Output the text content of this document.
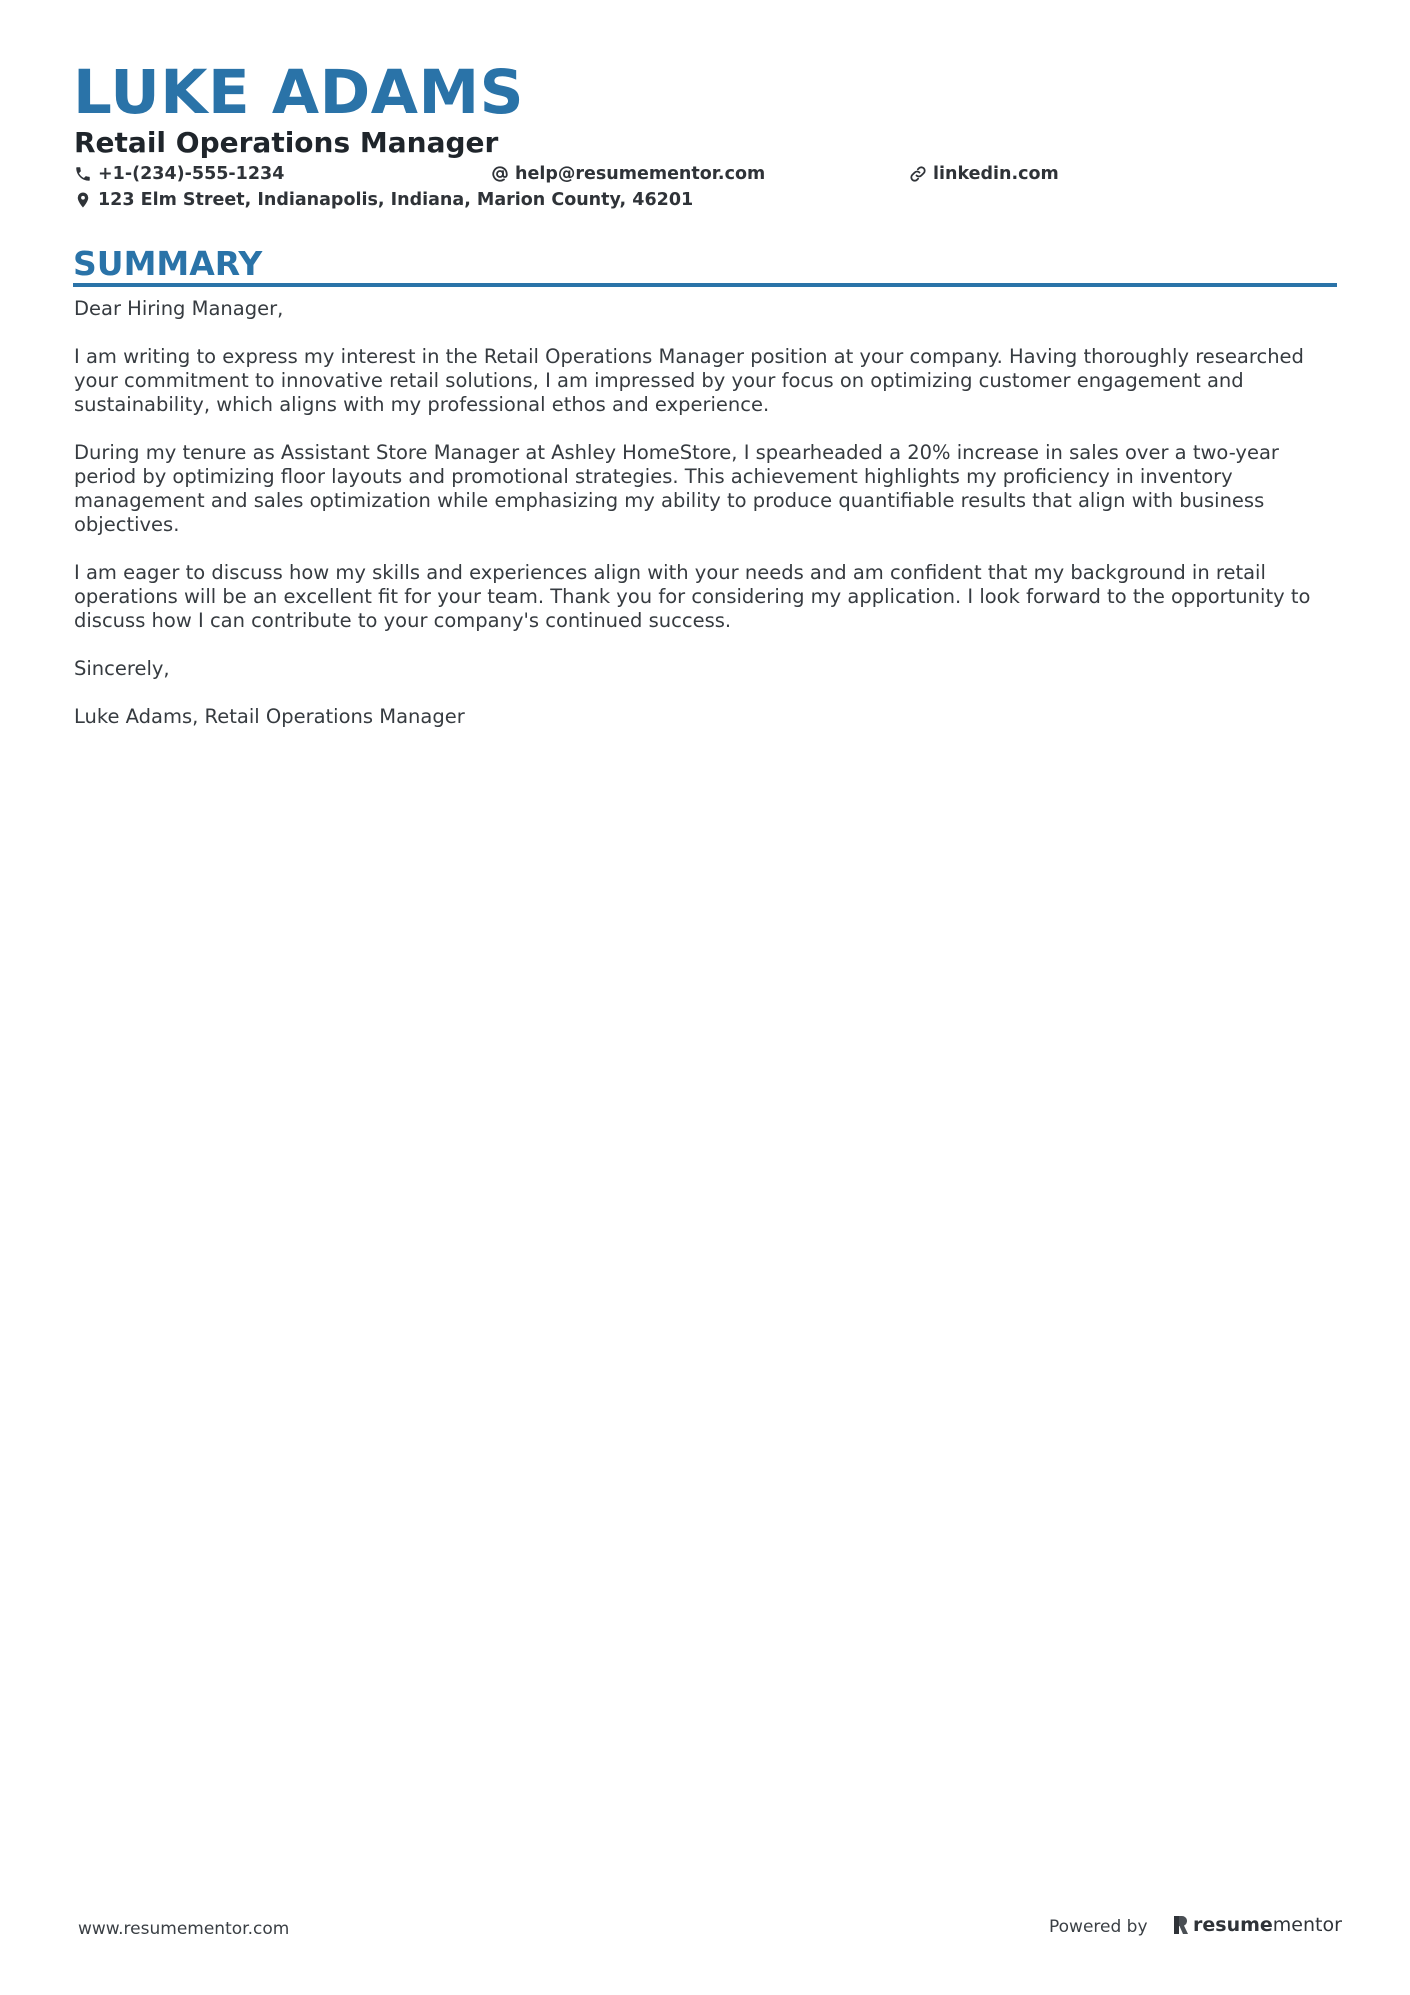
LUKE ADAMS
Retail Operations Manager
+1-(234)-555-1234	help@resumementor.com	linkedin.com
123 Elm Street, Indianapolis, Indiana, Marion County, 46201
SUMMARY

Dear Hiring Manager,

I am writing to express my interest in the Retail Operations Manager position at your company. Having thoroughly researched your commitment to innovative retail solutions, I am impressed by your focus on optimizing customer engagement and sustainability, which aligns with my professional ethos and experience.

During my tenure as Assistant Store Manager at Ashley HomeStore, I spearheaded a 20% increase in sales over a two-year period by optimizing floor layouts and promotional strategies. This achievement highlights my proficiency in inventory management and sales optimization while emphasizing my ability to produce quantifiable results that align with business objectives.

I am eager to discuss how my skills and experiences align with your needs and am confident that my background in retail operations will be an excellent fit for your team. Thank you for considering my application. I look forward to the opportunity to discuss how I can contribute to your company's continued success.

Sincerely,

Luke Adams, Retail Operations Manager

www.resumementor.com	Powered by resume mentor
